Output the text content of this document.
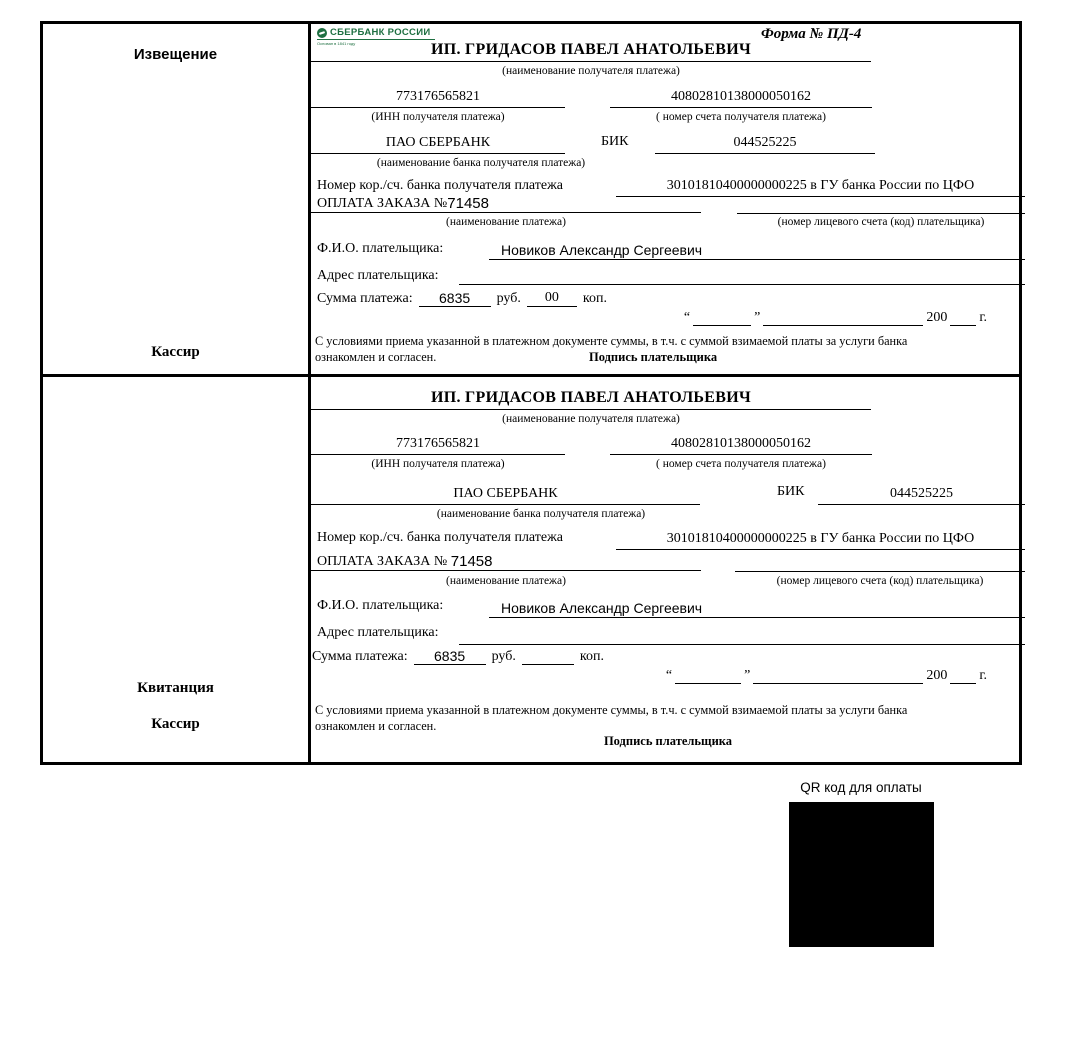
Извещение
Кассир
СБЕРБАНК РОССИИ
Основан в 1841 году
Форма № ПД-4
ИП. ГРИДАСОВ ПАВЕЛ АНАТОЛЬЕВИЧ
(наименование получателя платежа)
773176565821	40802810138000050162
(ИНН получателя платежа)	( номер счета получателя платежа)
ПАО СБЕРБАНК	БИК	044525225
(наименование банка получателя платежа)
Номер кор./сч. банка получателя платежа	30101810400000000225 в ГУ банка России по ЦФО
ОПЛАТА ЗАКАЗА № 71458
(наименование платежа)	(номер лицевого счета (код) плательщика)
Ф.И.О. плательщика:	Новиков Александр Сергеевич
Адрес плательщика:
Сумма платежа:	6835	руб.	00	коп.
“	”	200 г.
С условиями приема указанной в платежном документе суммы, в т.ч. с суммой взимаемой платы за услуги банка
ознакомлен и согласен.	Подпись плательщика
Квитанция
Кассир
ИП. ГРИДАСОВ ПАВЕЛ АНАТОЛЬЕВИЧ
(наименование получателя платежа)
773176565821	40802810138000050162
(ИНН получателя платежа)	( номер счета получателя платежа)
ПАО СБЕРБАНК	БИК	044525225
(наименование банка получателя платежа)
Номер кор./сч. банка получателя платежа	30101810400000000225 в ГУ банка России по ЦФО
ОПЛАТА ЗАКАЗА № 71458
(наименование платежа)	(номер лицевого счета (код) плательщика)
Ф.И.О. плательщика:	Новиков Александр Сергеевич
Адрес плательщика:
Сумма платежа:	6835	руб.	коп.
“	”	200 г.
С условиями приема указанной в платежном документе суммы, в т.ч. с суммой взимаемой платы за услуги банка
ознакомлен и согласен.
Подпись плательщика
QR код для оплаты
